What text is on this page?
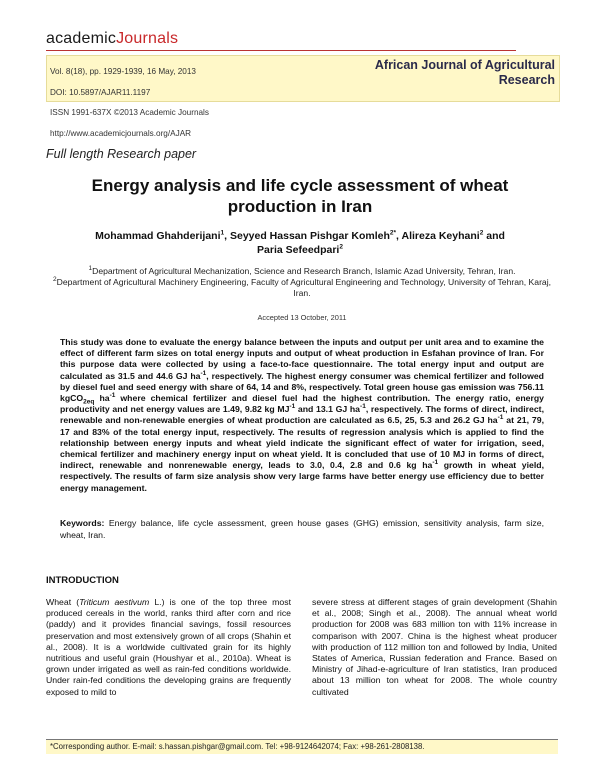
academicJournals

Vol. 8(18), pp. 1929-1939, 16 May, 2013

DOI: 10.5897/AJAR11.1197

ISSN 1991-637X ©2013 Academic Journals

http://www.academicjournals.org/AJAR

African Journal of Agricultural
Research
Full length Research paper
Energy analysis and life cycle assessment of wheat
production in Iran
Mohammad Ghahderijani$^1$, Seyyed Hassan Pishgar Komleh$^{2*}$, Alireza Keyhani$^2$ and
Paria Sefeedpari$^2$
$^1$Department of Agricultural Mechanization, Science and Research Branch, Islamic Azad University, Tehran, Iran.
$^2$Department of Agricultural Machinery Engineering, Faculty of Agricultural Engineering and Technology, University of Tehran, Karaj, Iran.
Accepted 13 October, 2011
This study was done to evaluate the energy balance between the inputs and output per unit area and to examine the effect of different farm sizes on total energy inputs and output of wheat production in Esfahan province of Iran. For this purpose data were collected by using a face-to-face questionnaire. The total energy input and output are calculated as 31.5 and 44.6 GJ $ha^{-1}$, respectively. The highest energy consumer was chemical fertilizer and followed by diesel fuel and seed energy with share of 64, 14 and 8%, respectively. Total green house gas emission was 756.11 kgCO$_{2eq}$ $ha^{-1}$ where chemical fertilizer and diesel fuel had the highest contribution. The energy ratio, energy productivity and net energy values are 1.49, 9.82 kg $MJ^{-1}$ and 13.1 GJ $ha^{-1}$, respectively. The forms of direct, indirect, renewable and non-renewable energies of wheat production are calculated as 6.5, 25, 5.3 and 26.2 GJ $ha^{-1}$ at 21, 79, 17 and 83% of the total energy input, respectively. The results of regression analysis which is applied to find the relationship between energy inputs and wheat yield indicate the significant effect of water for irrigation, seed, chemical fertilizer and machinery energy input on wheat yield. It is concluded that use of 10 MJ in forms of direct, indirect, renewable and nonrenewable energy, leads to 3.0, 0.4, 2.8 and 0.6 kg $ha^{-1}$ growth in wheat yield, respectively. The results of farm size analysis show very large farms have better energy use efficiency due to better energy management.
Keywords: Energy balance, life cycle assessment, green house gases (GHG) emission, sensitivity analysis, farm size, wheat, Iran.
INTRODUCTION
Wheat (Triticum aestivum L.) is one of the top three most produced cereals in the world, ranks third after corn and rice (paddy) and it provides financial savings, fossil resources preservation and most extensively grown of all crops (Shahin et al., 2008). It is a worldwide cultivated grain for its highly nutritious and useful grain (Houshyar et al., 2010a). Wheat is grown under irrigated as well as rain-fed conditions worldwide. Under rain-fed conditions the developing grains are frequently exposed to mild to
severe stress at different stages of grain development (Shahin et al., 2008; Singh et al., 2008). The annual wheat world production for 2008 was 683 million ton with 11% increase in comparison with 2007. China is the highest wheat producer with production of 112 million ton and followed by India, United States of America, Russian federation and France. Based on Ministry of Jihad-e-agriculture of Iran statistics, Iran produced about 13 million ton wheat for 2008. The whole country cultivated
*Corresponding author. E-mail: s.hassan.pishgar@gmail.com. Tel: +98-9124642074; Fax: +98-261-2808138.
